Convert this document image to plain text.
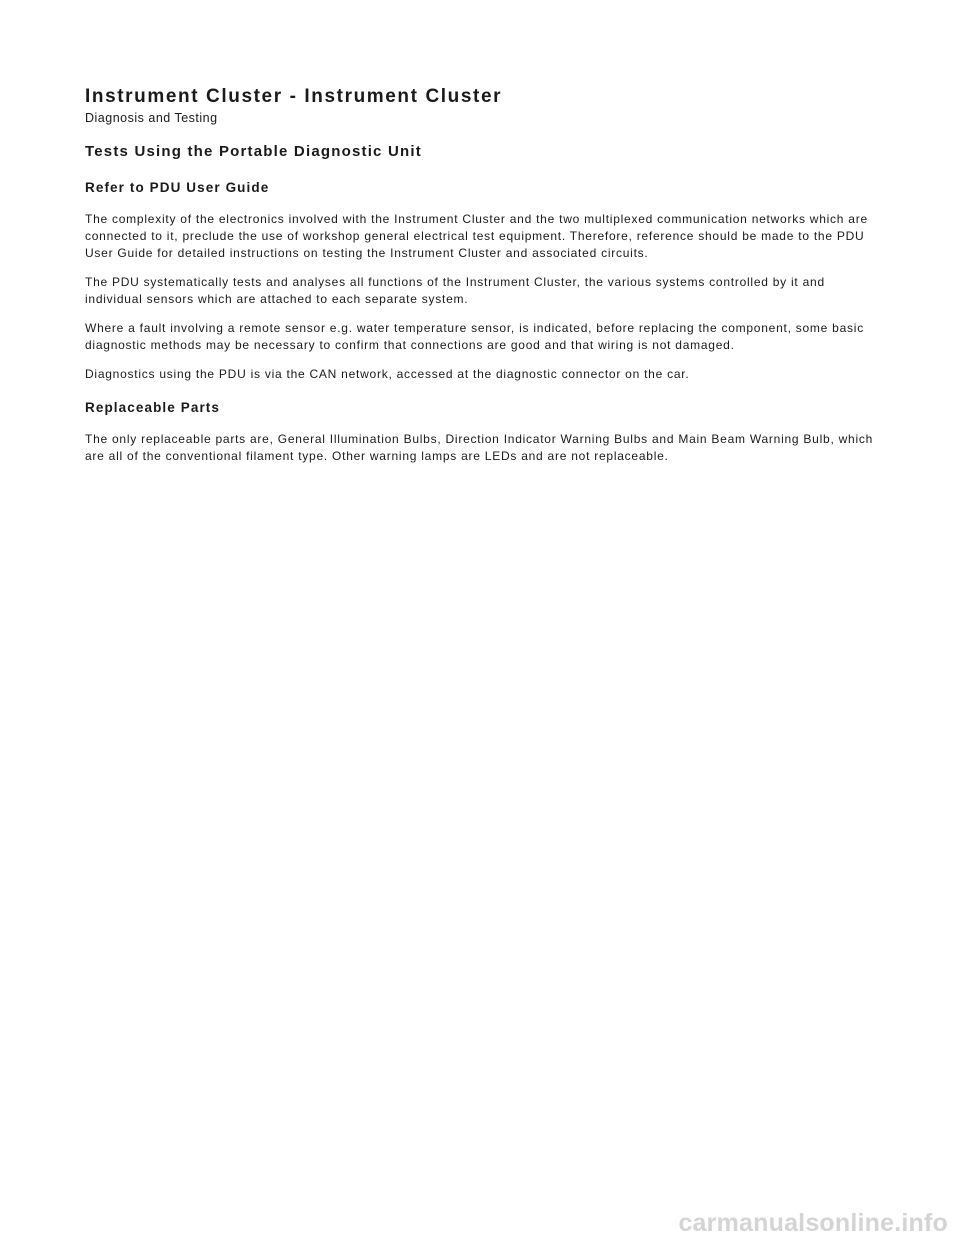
Instrument Cluster - Instrument Cluster
Diagnosis and Testing
Tests Using the Portable Diagnostic Unit
Refer to PDU User Guide

The complexity of the electronics involved with the Instrument Cluster and the two multiplexed communication networks which are connected to it, preclude the use of workshop general electrical test equipment. Therefore, reference should be made to the PDU User Guide for detailed instructions on testing the Instrument Cluster and associated circuits.

The PDU systematically tests and analyses all functions of the Instrument Cluster, the various systems controlled by it and individual sensors which are attached to each separate system.

Where a fault involving a remote sensor e.g. water temperature sensor, is indicated, before replacing the component, some basic diagnostic methods may be necessary to confirm that connections are good and that wiring is not damaged.

Diagnostics using the PDU is via the CAN network, accessed at the diagnostic connector on the car.

Replaceable Parts

The only replaceable parts are, General Illumination Bulbs, Direction Indicator Warning Bulbs and Main Beam Warning Bulb, which are all of the conventional filament type. Other warning lamps are LEDs and are not replaceable.

carmanualsonline.info
